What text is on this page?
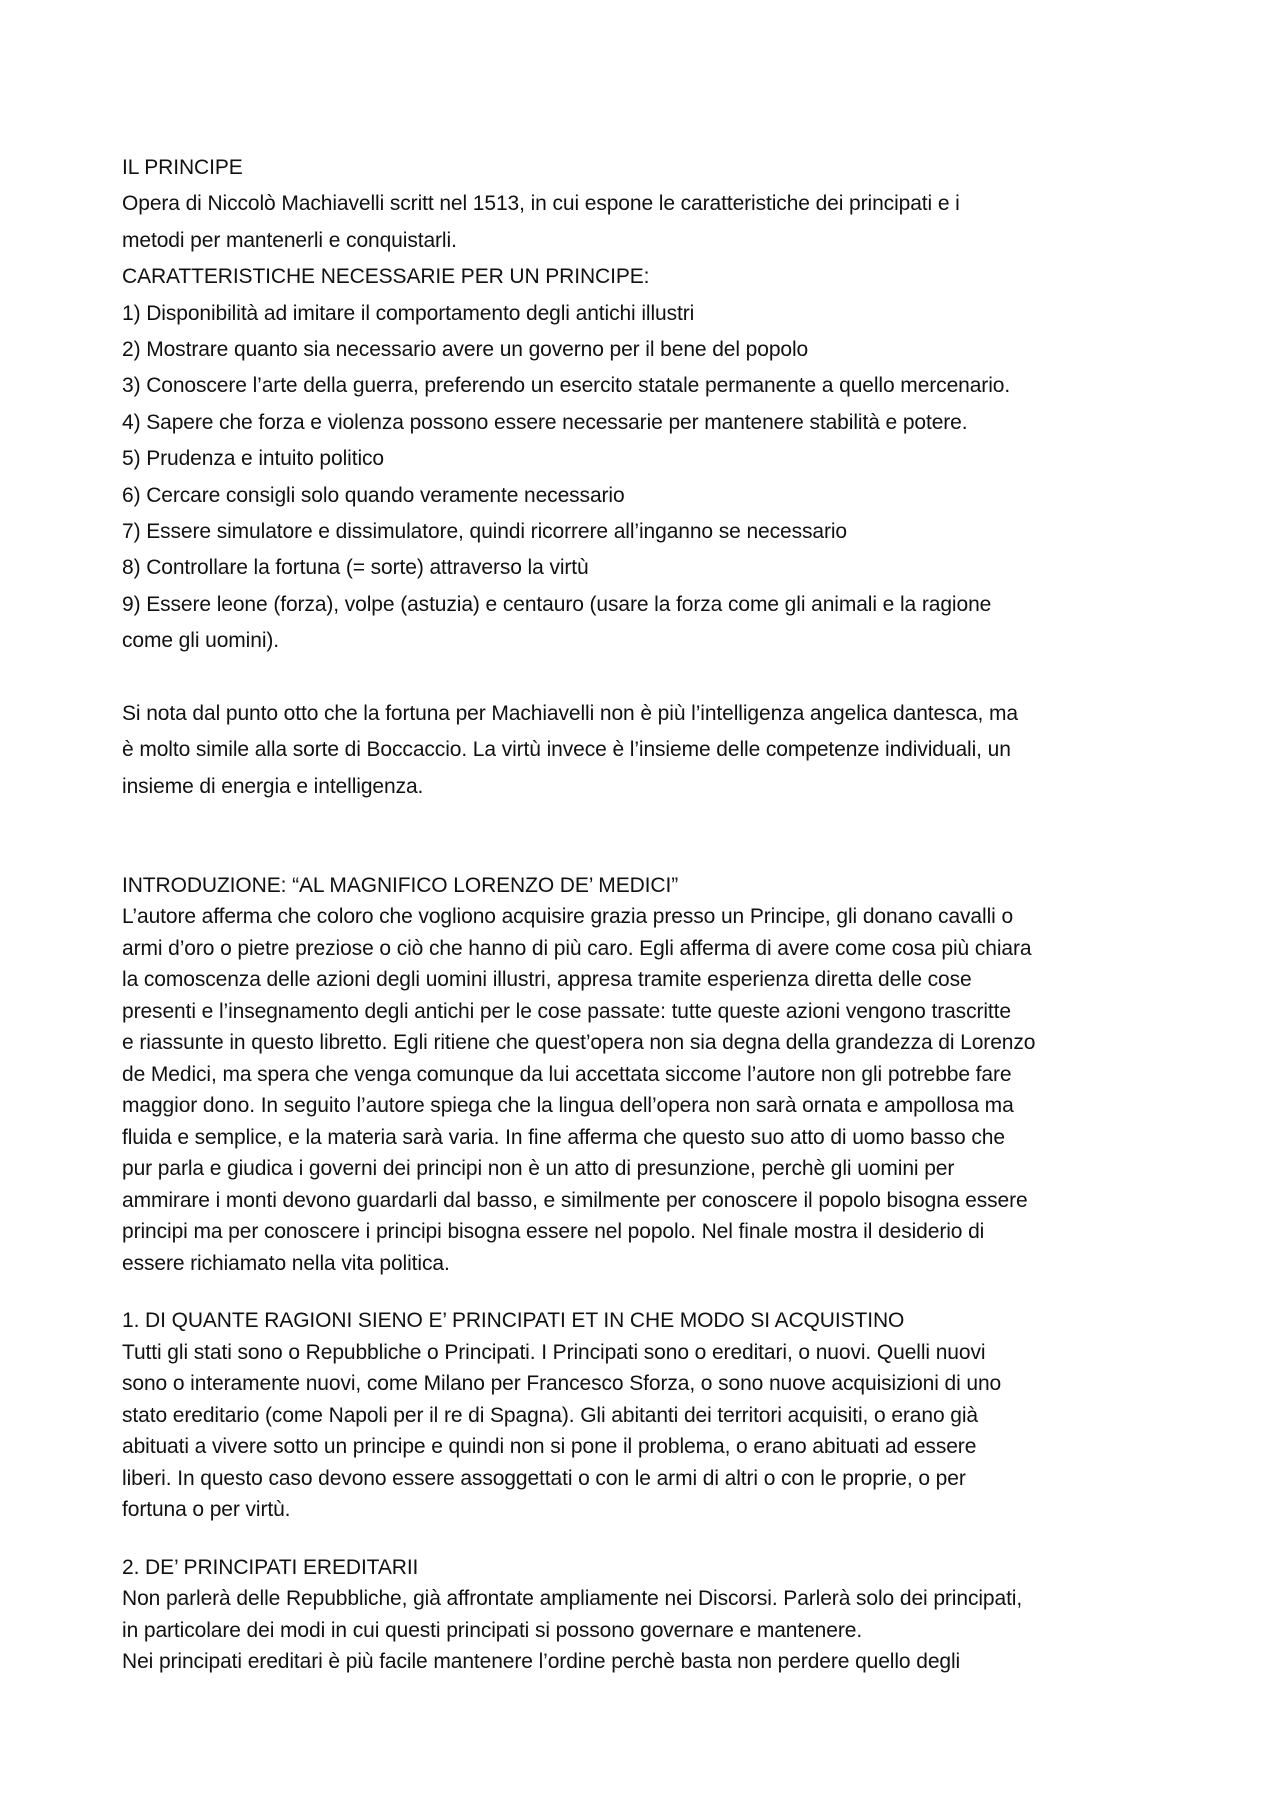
IL PRINCIPE

Opera di Niccolò Machiavelli scritt nel 1513, in cui espone le caratteristiche dei principati e i

metodi per mantenerli e conquistarli.

CARATTERISTICHE NECESSARIE PER UN PRINCIPE:

1) Disponibilità ad imitare il comportamento degli antichi illustri

2) Mostrare quanto sia necessario avere un governo per il bene del popolo

3) Conoscere l’arte della guerra, preferendo un esercito statale permanente a quello mercenario.

4) Sapere che forza e violenza possono essere necessarie per mantenere stabilità e potere.

5) Prudenza e intuito politico

6) Cercare consigli solo quando veramente necessario

7) Essere simulatore e dissimulatore, quindi ricorrere all’inganno se necessario

8) Controllare la fortuna (= sorte) attraverso la virtù

9) Essere leone (forza), volpe (astuzia) e centauro (usare la forza come gli animali e la ragione

come gli uomini).

Si nota dal punto otto che la fortuna per Machiavelli non è più l’intelligenza angelica dantesca, ma

è molto simile alla sorte di Boccaccio. La virtù invece è l’insieme delle competenze individuali, un

insieme di energia e intelligenza.

INTRODUZIONE: “AL MAGNIFICO LORENZO DE’ MEDICI”

L’autore afferma che coloro che vogliono acquisire grazia presso un Principe, gli donano cavalli o

armi d’oro o pietre preziose o ciò che hanno di più caro. Egli afferma di avere come cosa più chiara

la comoscenza delle azioni degli uomini illustri, appresa tramite esperienza diretta delle cose

presenti e l’insegnamento degli antichi per le cose passate: tutte queste azioni vengono trascritte

e riassunte in questo libretto. Egli ritiene che quest’opera non sia degna della grandezza di Lorenzo

de Medici, ma spera che venga comunque da lui accettata siccome l’autore non gli potrebbe fare

maggior dono. In seguito l’autore spiega che la lingua dell’opera non sarà ornata e ampollosa ma

fluida e semplice, e la materia sarà varia. In fine afferma che questo suo atto di uomo basso che

pur parla e giudica i governi dei principi non è un atto di presunzione, perchè gli uomini per

ammirare i monti devono guardarli dal basso, e similmente per conoscere il popolo bisogna essere

principi ma per conoscere i principi bisogna essere nel popolo. Nel finale mostra il desiderio di

essere richiamato nella vita politica.

1. DI QUANTE RAGIONI SIENO E’ PRINCIPATI ET IN CHE MODO SI ACQUISTINO

Tutti gli stati sono o Repubbliche o Principati. I Principati sono o ereditari, o nuovi. Quelli nuovi

sono o interamente nuovi, come Milano per Francesco Sforza, o sono nuove acquisizioni di uno

stato ereditario (come Napoli per il re di Spagna). Gli abitanti dei territori acquisiti, o erano già

abituati a vivere sotto un principe e quindi non si pone il problema, o erano abituati ad essere

liberi. In questo caso devono essere assoggettati o con le armi di altri o con le proprie, o per

fortuna o per virtù.

2. DE’ PRINCIPATI EREDITARII

Non parlerà delle Repubbliche, già affrontate ampliamente nei Discorsi. Parlerà solo dei principati,

in particolare dei modi in cui questi principati si possono governare e mantenere.

Nei principati ereditari è più facile mantenere l’ordine perchè basta non perdere quello degli
